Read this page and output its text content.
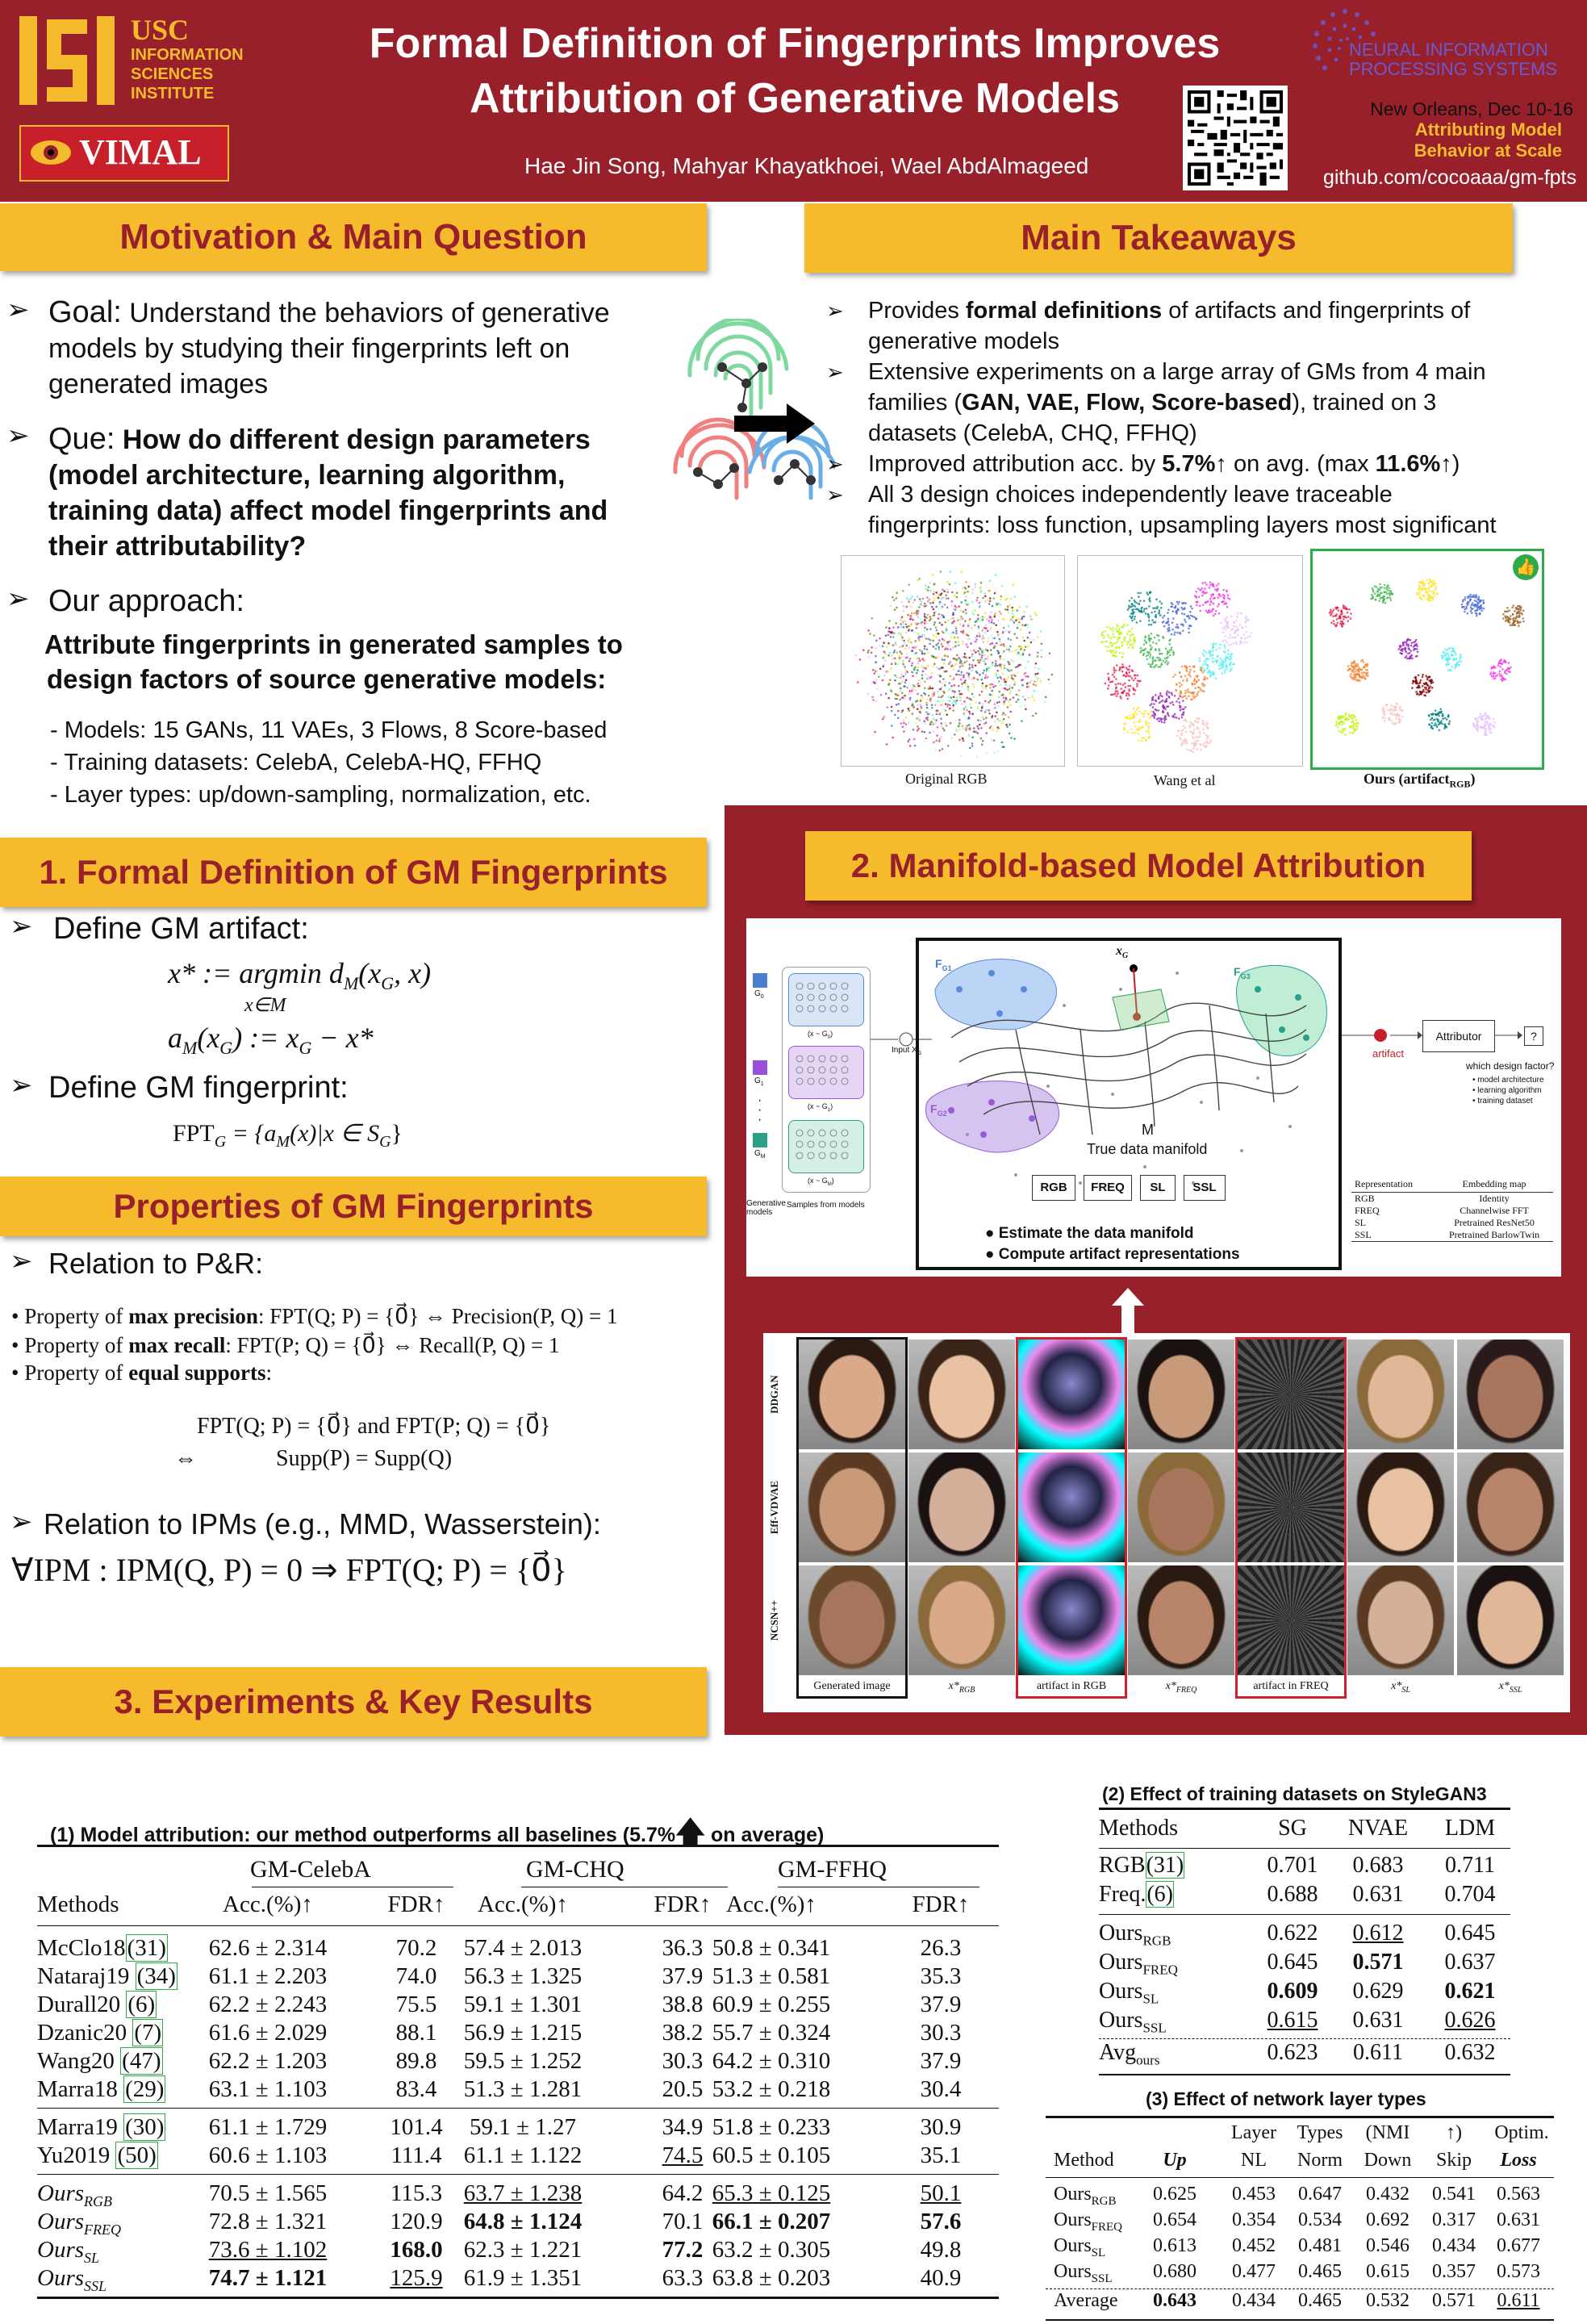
USC
INFORMATION
SCIENCES
INSTITUTE
VIMAL
Formal Definition of Fingerprints Improves
Attribution of Generative Models
Hae Jin Song, Mahyar Khayatkhoei, Wael AbdAlmageed
NEURAL INFORMATION
PROCESSING SYSTEMS
New Orleans, Dec 10-16
Attributing Model
Behavior at Scale
github.com/cocoaaa/gm-fpts
Motivation & Main Question
➢ Goal: Understand the behaviors of generative
models by studying their fingerprints left on
generated images
➢ Que: How do different design parameters
(model architecture, learning algorithm,
training data) affect model fingerprints and
their attributability?
➢ Our approach:
Attribute fingerprints in generated samples to
design factors of source generative models:
- Models: 15 GANs, 11 VAEs, 3 Flows, 8 Score-based
- Training datasets: CelebA, CelebA-HQ, FFHQ
- Layer types: up/down-sampling, normalization, etc.
Main Takeaways
➢ Provides formal definitions of artifacts and fingerprints of
generative models
➢ Extensive experiments on a large array of GMs from 4 main
families (GAN, VAE, Flow, Score-based), trained on 3
datasets (CelebA, CHQ, FFHQ)
➢ Improved attribution acc. by 5.7%↑ on avg. (max 11.6%↑)
➢ All 3 design choices independently leave traceable
fingerprints: loss function, upsampling layers most significant
👍
Original RGB	Wang et al	Ours (artifact$_{RGB}$)
1. Formal Definition of GM Fingerprints
➢ Define GM artifact:
x* := argmin $d_M(x_G$, x)
x∈M
$a_M(x_G)$ := $x_G - x*$
➢ Define GM fingerprint:
$FPT_G = \{a_M(x)|x$ ∈ $S_G$}
Properties of GM Fingerprints
➢ Relation to P&R:
• Property of max precision: FPT(Q; P) = {0⃗} ⇔ Precision(P, Q) = 1
• Property of max recall: FPT(P; Q) = {0⃗} ⇔ Recall(P, Q) = 1
• Property of equal supports:
FPT(Q; P) = {0⃗} and FPT(P; Q) = {0⃗}
⇔              Supp(P) = Supp(Q)
➢ Relation to IPMs (e.g., MMD, Wasserstein):
∀IPM : IPM(Q, P) = 0 ⇒ FPT(Q; P) = {0⃗}
2. Manifold-based Model Attribution
$G_0$
$G_1$
·
·
·
$G_M$
Generative models
(x ~ $G_0$)
(x ~ $G_1$)
(x ~ $G_M$)
Samples from models
Input $X_G$
$F_{G1}$
$F_{G2}$
$F_{G3}$
$x_G$
M
True data manifold
RGB	FREQ	SL	SSL
● Estimate the data manifold
● Compute artifact representations
artifact
Attributor	?
which design factor?
• model architecture
• learning algorithm
• training dataset
Representation	Embedding map
RGB	Identity
FREQ	Channelwise FFT
SL	Pretrained ResNet50
SSL	Pretrained BarlowTwin
DDGAN
Eff-VDVAE
NCSN++
Generated image	$x*_{RGB}$	artifact in RGB	$x*_{FREQ}$	artifact in FREQ	$x*_{SL}$	$x*_{SSL}$
3. Experiments & Key Results
(1) Model attribution: our method outperforms all baselines (5.7%🡅 on average)
GM-CelebA	GM-CHQ	GM-FFHQ
Methods	Acc.(%)↑	FDR↑ Acc.(%)↑	FDR↑ Acc.(%)↑	FDR↑
McClo18(31) 62.6 ± 2.314	70.2 57.4 ± 2.013	36.3 50.8 ± 0.341	26.3
Nataraj19 (34) 61.1 ± 2.203	74.0 56.3 ± 1.325	37.9 51.3 ± 0.581	35.3
Durall20 (6) 62.2 ± 2.243	75.5 59.1 ± 1.301	38.8 60.9 ± 0.255	37.9
Dzanic20 (7) 61.6 ± 2.029	88.1 56.9 ± 1.215	38.2 55.7 ± 0.324	30.3
Wang20 (47) 62.2 ± 1.203	89.8 59.5 ± 1.252	30.3 64.2 ± 0.310	37.9
Marra18 (29) 63.1 ± 1.103	83.4 51.3 ± 1.281	20.5 53.2 ± 0.218	30.4
Marra19 (30) 61.1 ± 1.729	101.4 59.1 ± 1.27	34.9 51.8 ± 0.233	30.9
Yu2019 (50) 60.6 ± 1.103	111.4 61.1 ± 1.122	74.5 60.5 ± 0.105	35.1
Ours$_{RGB}$	70.5 ± 1.565	115.3 63.7 ± 1.238	64.2 65.3 ± 0.125	50.1
Ours$_{FREQ}$	72.8 ± 1.321	120.9 64.8 ± 1.124	70.1 66.1 ± 0.207	57.6
Ours$_{SL}$	73.6 ± 1.102	168.0 62.3 ± 1.221	77.2 63.2 ± 0.305	49.8
Ours$_{SSL}$	74.7 ± 1.121	125.9 61.9 ± 1.351	63.3 63.8 ± 0.203	40.9
(2) Effect of training datasets on StyleGAN3
Methods	SG NVAE LDM
RGB(31)	0.701 0.683 0.711
Freq.(6)	0.688 0.631 0.704
Ours$_{RGB}$	0.622 0.612 0.645
Ours$_{FREQ}$	0.645 0.571 0.637
Ours$_{SL}$	0.609 0.629 0.621
Ours$_{SSL}$	0.615 0.631 0.626
Avg$_{ours}$	0.623 0.611 0.632
(3) Effect of network layer types
Layer Types (NMI ↑) Optim.
Method	Up	NL Norm Down Skip Loss
Ours$_{RGB}$ 0.625 0.453 0.647 0.432 0.541 0.563
Ours$_{FREQ}$ 0.654 0.354 0.534 0.692 0.317 0.631
Ours$_{SL}$ 0.613 0.452 0.481 0.546 0.434 0.677
Ours$_{SSL}$ 0.680 0.477 0.465 0.615 0.357 0.573
Average 0.643 0.434 0.465 0.532 0.571 0.611
